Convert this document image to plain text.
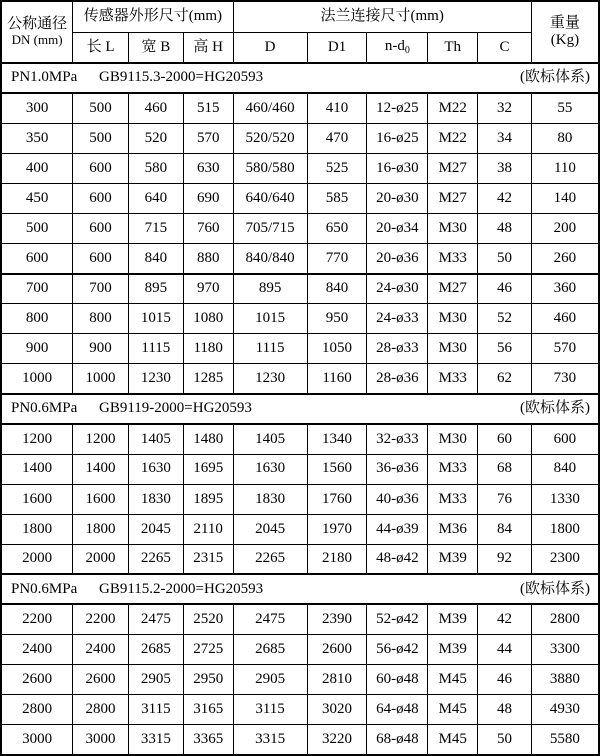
公称通径
DN (mm)	传感器外形尺寸(mm)			法兰连接尺寸(mm)					重量
(Kg)

	长 L	宽 B	高 H	D	D1	$n-d_0$	Th	C	

PN1.0MPa GB9115.3-2000=HG20593 (欧标体系)									

300	500	460	515	460/460	410	12-ø25	M22	32	55
350	500	520	570	520/520	470	16-ø25	M22	34	80
400	600	580	630	580/580	525	16-ø30	M27	38	110
450	600	640	690	640/640	585	20-ø30	M27	42	140
500	600	715	760	705/715	650	20-ø34	M30	48	200
600	600	840	880	840/840	770	20-ø36	M33	50	260
700	700	895	970	895	840	24-ø30	M27	46	360
800	800	1015	1080	1015	950	24-ø33	M30	52	460
900	900	1115	1180	1115	1050	28-ø33	M30	56	570
1000	1000	1230	1285	1230	1160	28-ø36	M33	62	730

PN0.6MPa GB9119-2000=HG20593 (欧标体系)									

1200	1200	1405	1480	1405	1340	32-ø33	M30	60	600
1400	1400	1630	1695	1630	1560	36-ø36	M33	68	840
1600	1600	1830	1895	1830	1760	40-ø36	M33	76	1330
1800	1800	2045	2110	2045	1970	44-ø39	M36	84	1800
2000	2000	2265	2315	2265	2180	48-ø42	M39	92	2300

PN0.6MPa GB9115.2-2000=HG20593 (欧标体系)									

2200	2200	2475	2520	2475	2390	52-ø42	M39	42	2800
2400	2400	2685	2725	2685	2600	56-ø42	M39	44	3300
2600	2600	2905	2950	2905	2810	60-ø48	M45	46	3880
2800	2800	3115	3165	3115	3020	64-ø48	M45	48	4930
3000	3000	3315	3365	3315	3220	68-ø48	M45	50	5580
